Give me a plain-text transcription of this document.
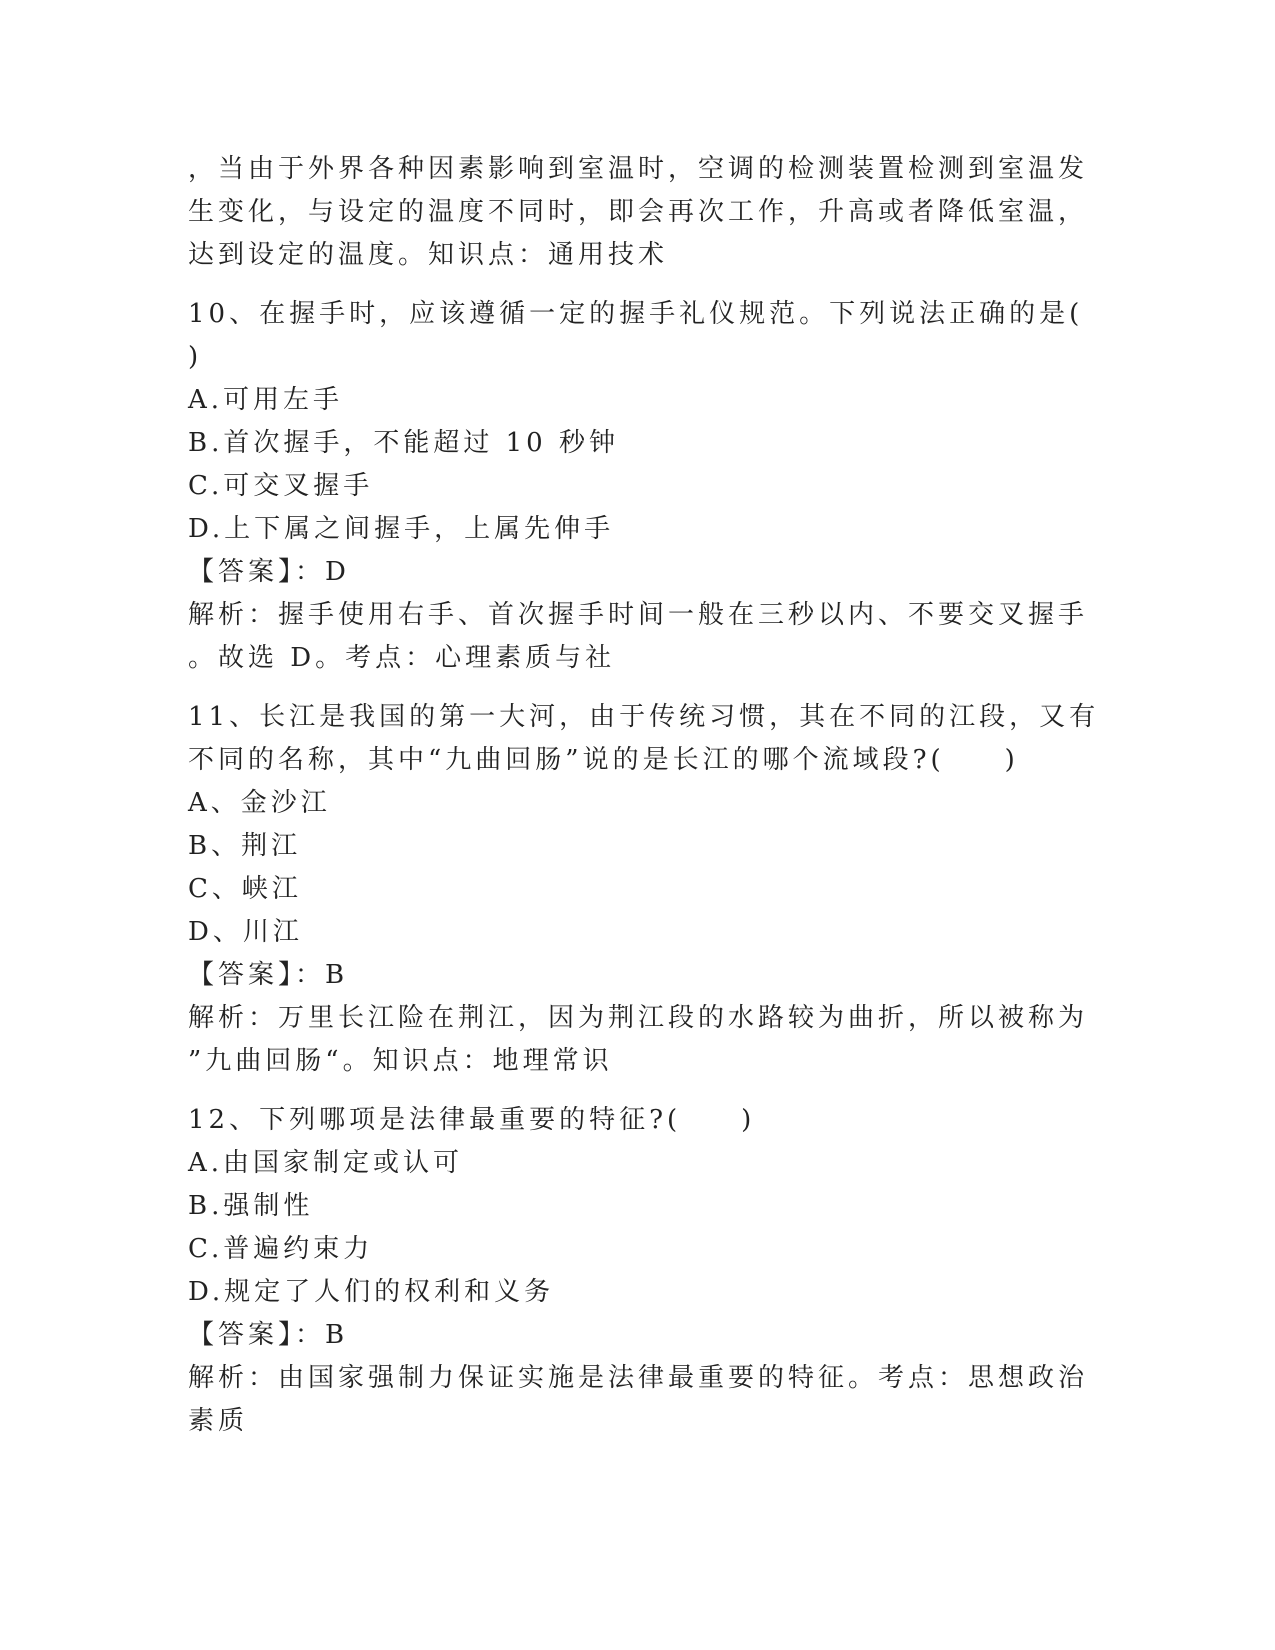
，当由于外界各种因素影响到室温时，空调的检测装置检测到室温发
生变化，与设定的温度不同时，即会再次工作，升高或者降低室温，
达到设定的温度。知识点：通用技术
10、在握手时，应该遵循一定的握手礼仪规范。下列说法正确的是(
)
A.可用左手
B.首次握手，不能超过 10 秒钟
C.可交叉握手
D.上下属之间握手，上属先伸手
【答案】：D
解析：握手使用右手、首次握手时间一般在三秒以内、不要交叉握手
。故选 D。考点：心理素质与社
11、长江是我国的第一大河，由于传统习惯，其在不同的江段，又有
不同的名称，其中“九曲回肠”说的是长江的哪个流域段?(　　)
A、金沙江
B、荆江
C、峡江
D、川江
【答案】：B
解析：万里长江险在荆江，因为荆江段的水路较为曲折，所以被称为
”九曲回肠“。知识点：地理常识
12、下列哪项是法律最重要的特征?(　　)
A.由国家制定或认可
B.强制性
C.普遍约束力
D.规定了人们的权利和义务
【答案】：B
解析：由国家强制力保证实施是法律最重要的特征。考点：思想政治
素质
